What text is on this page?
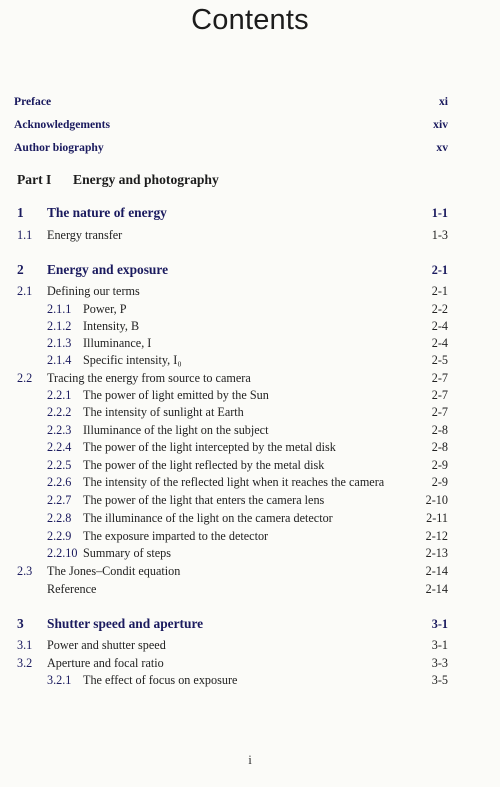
Contents
Preface	xi
Acknowledgements	xiv
Author biography	xv
Part I Energy and photography
1 The nature of energy	1-1
1.1 Energy transfer	1-3
2 Energy and exposure	2-1
2.1 Defining our terms	2-1
2.1.1 Power, P	2-2
2.1.2 Intensity, B	2-4
2.1.3 Illuminance, I	2-4
2.1.4 Specific intensity, I₀	2-5
2.2 Tracing the energy from source to camera	2-7
2.2.1 The power of light emitted by the Sun	2-7
2.2.2 The intensity of sunlight at Earth	2-7
2.2.3 Illuminance of the light on the subject	2-8
2.2.4 The power of the light intercepted by the metal disk	2-8
2.2.5 The power of the light reflected by the metal disk	2-9
2.2.6 The intensity of the reflected light when it reaches the camera	2-9
2.2.7 The power of the light that enters the camera lens	2-10
2.2.8 The illuminance of the light on the camera detector	2-11
2.2.9 The exposure imparted to the detector	2-12
2.2.10 Summary of steps	2-13
2.3 The Jones–Condit equation	2-14
Reference	2-14
3 Shutter speed and aperture	3-1
3.1 Power and shutter speed	3-1
3.2 Aperture and focal ratio	3-3
3.2.1 The effect of focus on exposure	3-5
i
